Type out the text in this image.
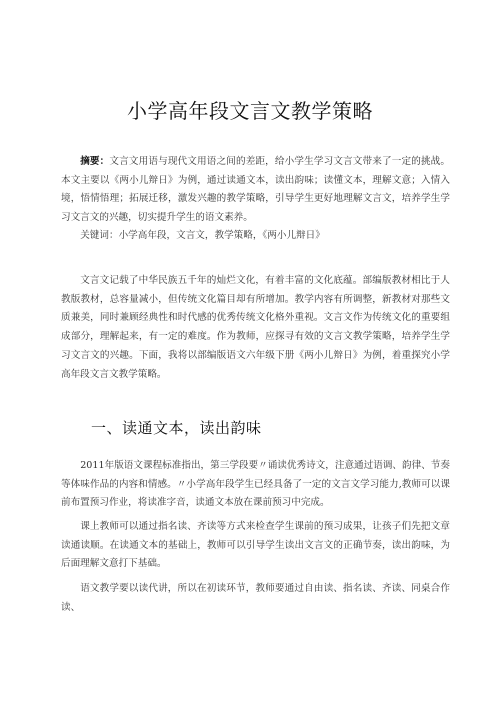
小学高年段文言文教学策略

摘要：文言文用语与现代文用语之间的差距，给小学生学习文言文带来了一定的挑战。本文主要以《两小儿辩日》为例，通过读通文本，读出韵味；读懂文本，理解文意；入情入境，悟情悟理；拓展迁移，激发兴趣的教学策略，引导学生更好地理解文言文，培养学生学习文言文的兴趣，切实提升学生的语文素养。

关键词：小学高年段，文言文，教学策略，《两小儿辩日》

文言文记载了中华民族五千年的灿烂文化，有着丰富的文化底蕴。部编版教材相比于人教版教材，总容量减小，但传统文化篇目却有所增加。教学内容有所调整，新教材对那些文质兼美，同时兼顾经典性和时代感的优秀传统文化格外重视。文言文作为传统文化的重要组成部分，理解起来，有一定的难度。作为教师，应探寻有效的文言文教学策略，培养学生学习文言文的兴趣。下面，我将以部编版语文六年级下册《两小儿辩日》为例，着重探究小学高年段文言文教学策略。

一、读通文本，读出韵味

2011年版语文课程标准指出，第三学段要〃诵读优秀诗文，注意通过语调、韵律、节奏等体味作品的内容和情感。〃小学高年段学生已经具备了一定的文言文学习能力,教师可以课前布置预习作业，将读准字音，读通文本放在课前预习中完成。

课上教师可以通过指名读、齐读等方式来检查学生课前的预习成果，让孩子们先把文章读通读顺。在读通文本的基础上，教师可以引导学生读出文言文的正确节奏，读出韵味，为后面理解文意打下基础。

语文教学要以读代讲，所以在初读环节，教师要通过自由读、指名读、齐读、同桌合作读、
